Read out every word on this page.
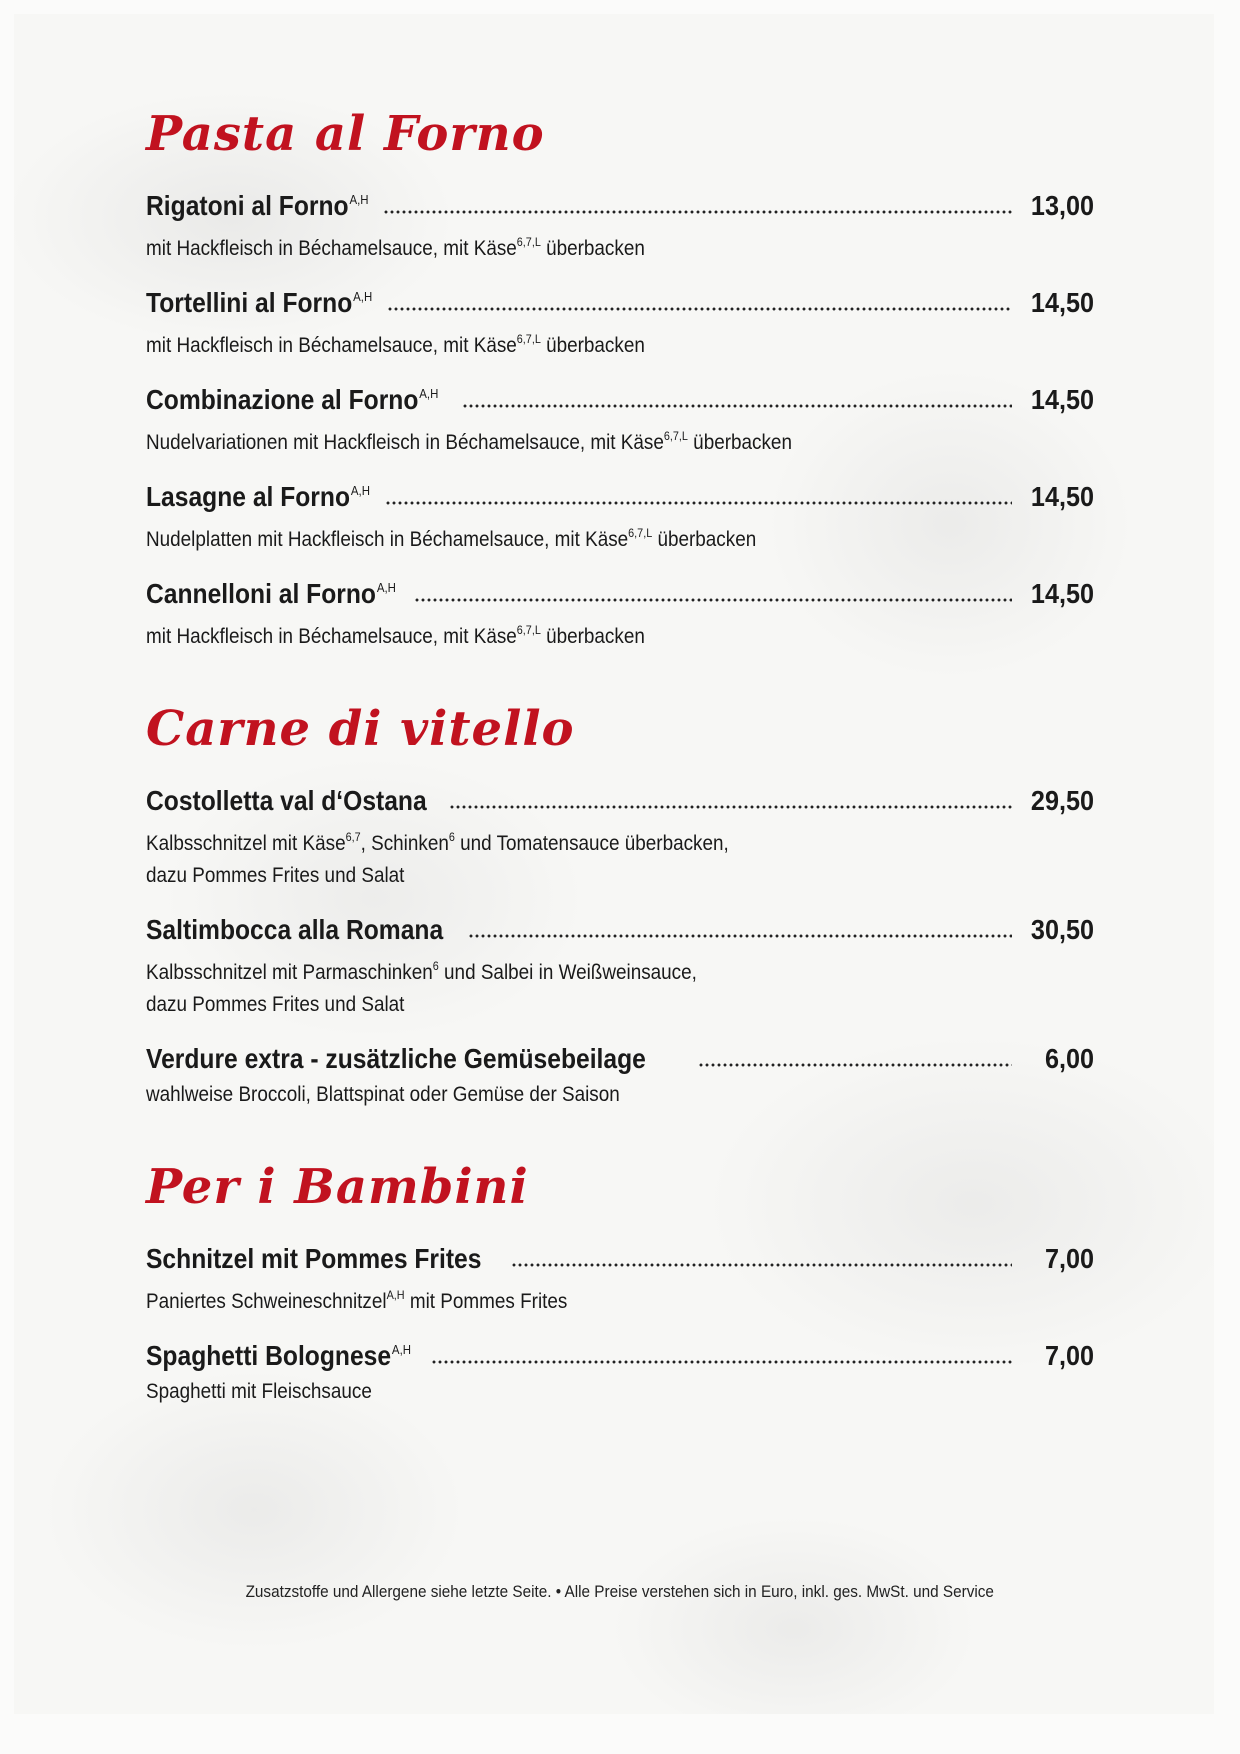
Pasta al Forno
Rigatoni al Forno$^{A,H}$	13,00
mit Hackfleisch in Béchamelsauce, mit Käse$^{6,7,L}$ überbacken
Tortellini al Forno$^{A,H}$	14,50
mit Hackfleisch in Béchamelsauce, mit Käse$^{6,7,L}$ überbacken
Combinazione al Forno$^{A,H}$	14,50
Nudelvariationen mit Hackfleisch in Béchamelsauce, mit Käse$^{6,7,L}$ überbacken
Lasagne al Forno$^{A,H}$	14,50
Nudelplatten mit Hackfleisch in Béchamelsauce, mit Käse$^{6,7,L}$ überbacken
Cannelloni al Forno$^{A,H}$	14,50
mit Hackfleisch in Béchamelsauce, mit Käse$^{6,7,L}$ überbacken
Carne di vitello
Costolletta val d‘Ostana	29,50
Kalbsschnitzel mit Käse$^{6,7}$, Schinken$^6$ und Tomatensauce überbacken,
dazu Pommes Frites und Salat
Saltimbocca alla Romana	30,50
Kalbsschnitzel mit Parmaschinken$^6$ und Salbei in Weißweinsauce,
dazu Pommes Frites und Salat
Verdure extra - zusätzliche Gemüsebeilage	6,00
wahlweise Broccoli, Blattspinat oder Gemüse der Saison
Per i Bambini
Schnitzel mit Pommes Frites	7,00
Paniertes Schweineschnitzel$^{A,H}$ mit Pommes Frites
Spaghetti Bolognese$^{A,H}$	7,00
Spaghetti mit Fleischsauce
Zusatzstoffe und Allergene siehe letzte Seite. • Alle Preise verstehen sich in Euro, inkl. ges. MwSt. und Service
